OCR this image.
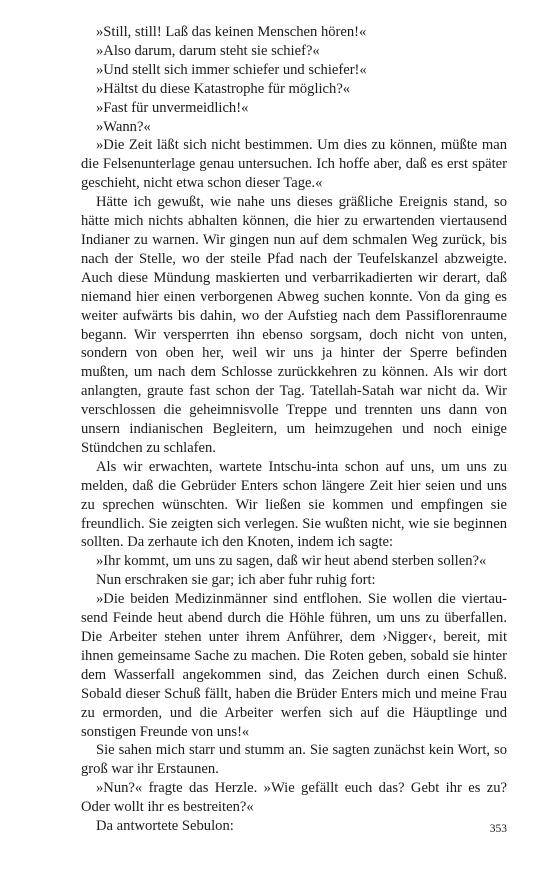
»Still, still! Laß das keinen Menschen hören!«

»Also darum, darum steht sie schief?«

»Und stellt sich immer schiefer und schiefer!«

»Hältst du diese Katastrophe für möglich?«

»Fast für unvermeidlich!«

»Wann?«

»Die Zeit läßt sich nicht bestimmen. Um dies zu können, müßte man die Felsenunterlage genau untersuchen. Ich hoffe aber, daß es erst später geschieht, nicht etwa schon dieser Tage.«

Hätte ich gewußt, wie nahe uns dieses gräßliche Ereignis stand, so hätte mich nichts abhalten können, die hier zu erwartenden viertausend Indianer zu warnen. Wir gingen nun auf dem schmalen Weg zurück, bis nach der Stelle, wo der steile Pfad nach der Teufelskanzel abzweigte. Auch diese Mündung maskierten und verbarrikadierten wir derart, daß niemand hier einen verborgenen Abweg suchen konnte. Von da ging es weiter aufwärts bis dahin, wo der Aufstieg nach dem Passiflorenraume begann. Wir versperrten ihn ebenso sorgsam, doch nicht von unten, sondern von oben her, weil wir uns ja hinter der Sperre befinden mußten, um nach dem Schlosse zurückkehren zu können. Als wir dort anlangten, graute fast schon der Tag. Tatellah-Satah war nicht da. Wir verschlossen die geheimnisvolle Treppe und trennten uns dann von unsern indianischen Begleitern, um heimzugehen und noch einige Stündchen zu schlafen.

Als wir erwachten, wartete Intschu-inta schon auf uns, um uns zu melden, daß die Gebrüder Enters schon längere Zeit hier seien und uns zu sprechen wünschten. Wir ließen sie kommen und empfingen sie freundlich. Sie zeigten sich verlegen. Sie wußten nicht, wie sie beginnen sollten. Da zerhaute ich den Knoten, indem ich sagte:

»Ihr kommt, um uns zu sagen, daß wir heut abend sterben sollen?«

Nun erschraken sie gar; ich aber fuhr ruhig fort:

»Die beiden Medizinmänner sind entflohen. Sie wollen die viertausend Feinde heut abend durch die Höhle führen, um uns zu überfallen. Die Arbeiter stehen unter ihrem Anführer, dem ›Nigger‹, bereit, mit ihnen gemeinsame Sache zu machen. Die Roten geben, sobald sie hinter dem Wasserfall angekommen sind, das Zeichen durch einen Schuß. Sobald dieser Schuß fällt, haben die Brüder Enters mich und meine Frau zu ermorden, und die Arbeiter werfen sich auf die Häuptlinge und sonstigen Freunde von uns!«

Sie sahen mich starr und stumm an. Sie sagten zunächst kein Wort, so groß war ihr Erstaunen.

»Nun?« fragte das Herzle. »Wie gefällt euch das? Gebt ihr es zu? Oder wollt ihr es bestreiten?«

Da antwortete Sebulon:	353
